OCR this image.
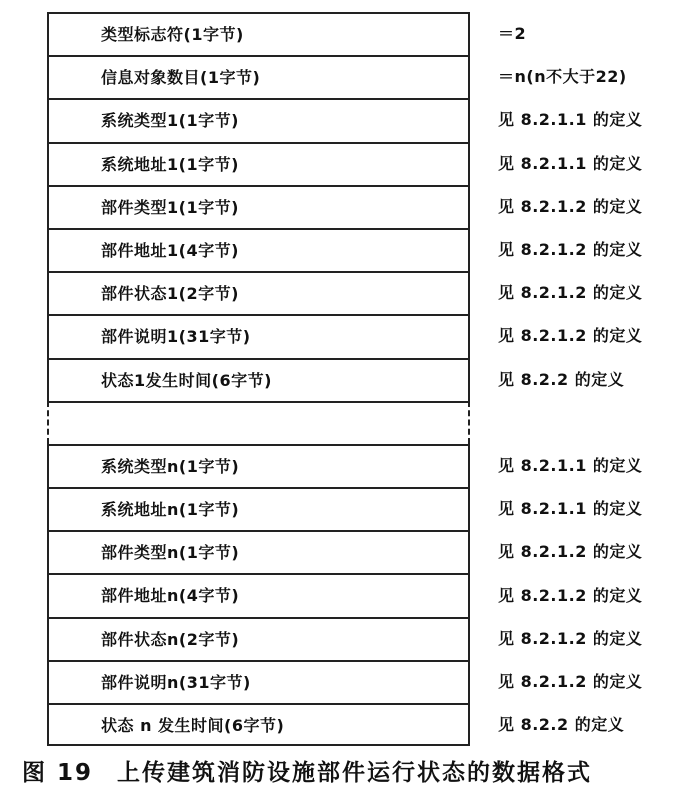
类型标志符(1字节)
信息对象数目(1字节)
系统类型1(1字节)
系统地址1(1字节)
部件类型1(1字节)
部件地址1(4字节)
部件状态1(2字节)
部件说明1(31字节)
状态1发生时间(6字节)
系统类型n(1字节)
系统地址n(1字节)
部件类型n(1字节)
部件地址n(4字节)
部件状态n(2字节)
部件说明n(31字节)
状态 n 发生时间(6字节)
＝2
＝n(n不大于22)
见 8.2.1.1 的定义
见 8.2.1.1 的定义
见 8.2.1.2 的定义
见 8.2.1.2 的定义
见 8.2.1.2 的定义
见 8.2.1.2 的定义
见 8.2.2 的定义
见 8.2.1.1 的定义
见 8.2.1.1 的定义
见 8.2.1.2 的定义
见 8.2.1.2 的定义
见 8.2.1.2 的定义
见 8.2.1.2 的定义
见 8.2.2 的定义
图 19 上传建筑消防设施部件运行状态的数据格式
